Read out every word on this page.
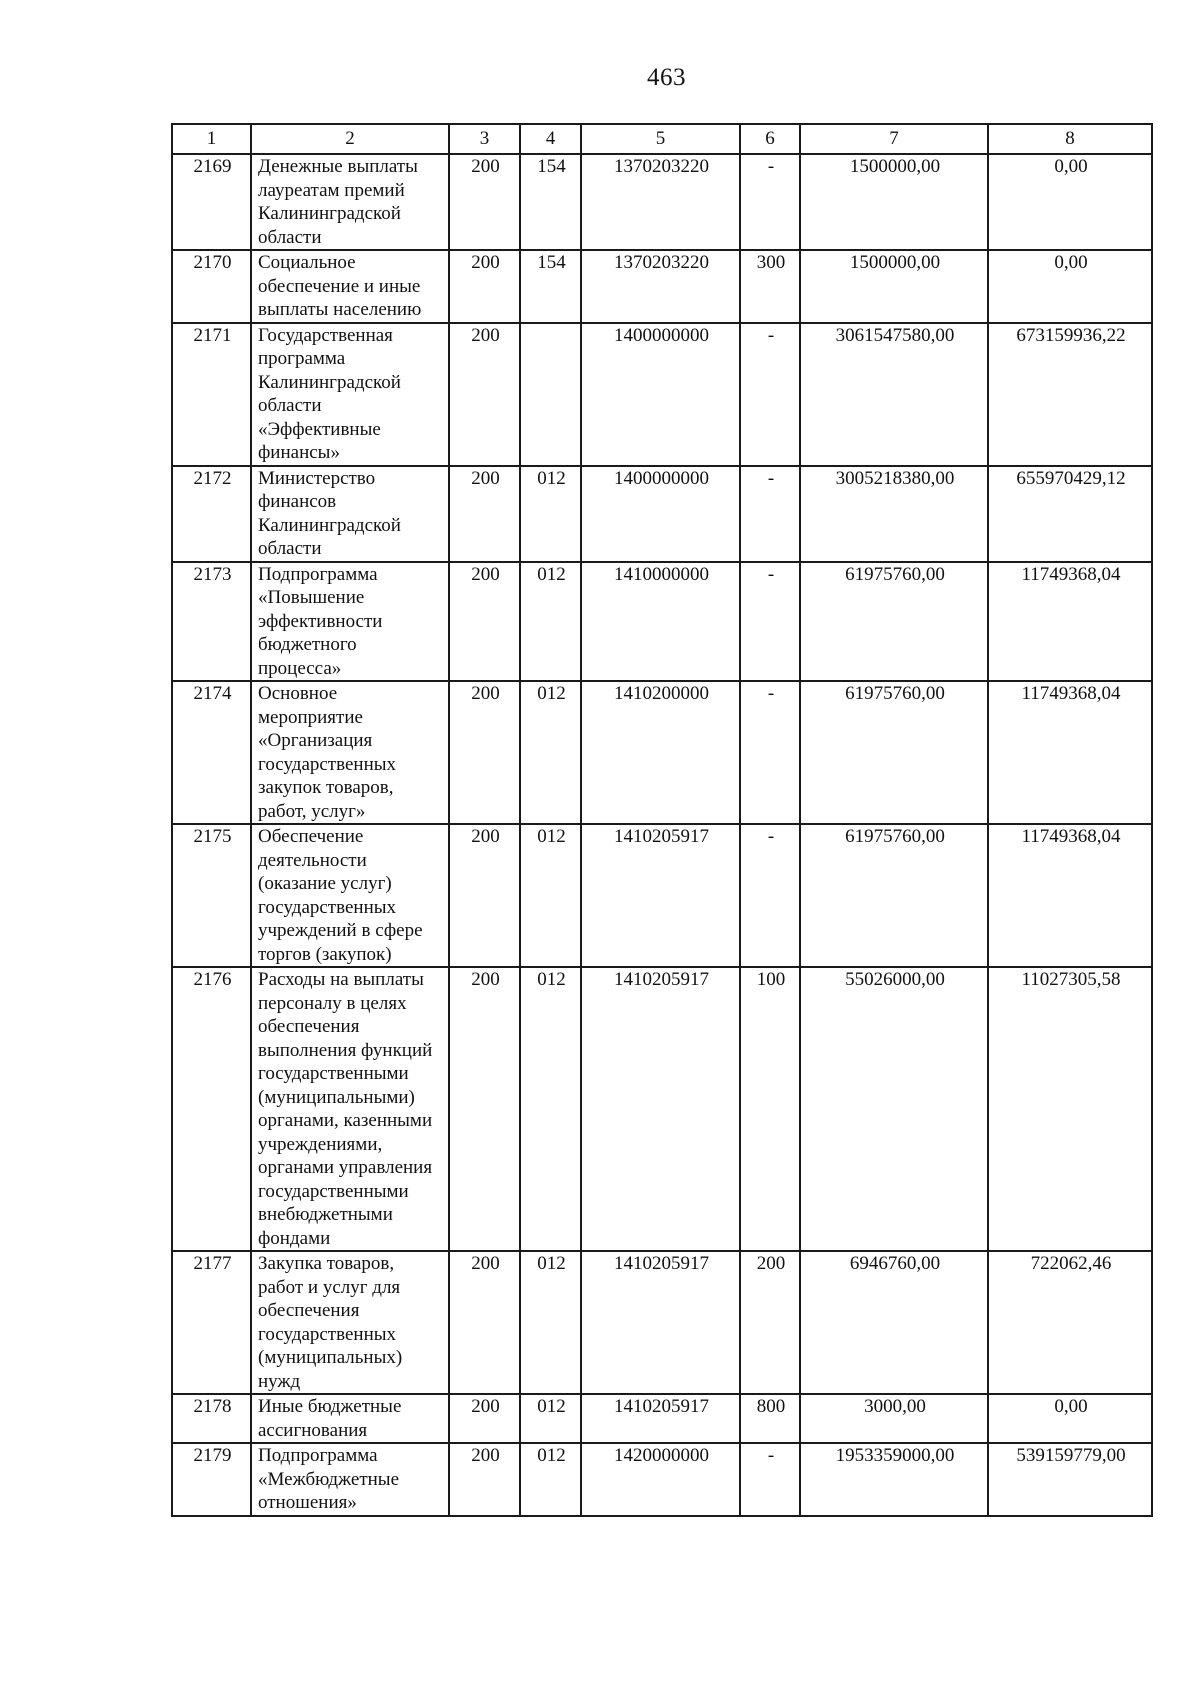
463
1	2	3	4	5	6	7	8
2169	Денежные выплаты лауреатам премий Калининградской области	200	154	1370203220	-	1500000,00	0,00
2170	Социальное обеспечение и иные выплаты населению	200	154	1370203220	300	1500000,00	0,00
2171	Государственная программа Калининградской области «Эффективные финансы»	200		1400000000	-	3061547580,00	673159936,22
2172	Министерство финансов Калининградской области	200	012	1400000000	-	3005218380,00	655970429,12
2173	Подпрограмма «Повышение эффективности бюджетного процесса»	200	012	1410000000	-	61975760,00	11749368,04
2174	Основное мероприятие «Организация государственных закупок товаров, работ, услуг»	200	012	1410200000	-	61975760,00	11749368,04
2175	Обеспечение деятельности (оказание услуг) государственных учреждений в сфере торгов (закупок)	200	012	1410205917	-	61975760,00	11749368,04
2176	Расходы на выплаты персоналу в целях обеспечения выполнения функций государственными (муниципальными) органами, казенными учреждениями, органами управления государственными внебюджетными фондами	200	012	1410205917	100	55026000,00	11027305,58
2177	Закупка товаров, работ и услуг для обеспечения государственных (муниципальных) нужд	200	012	1410205917	200	6946760,00	722062,46
2178	Иные бюджетные ассигнования	200	012	1410205917	800	3000,00	0,00
2179	Подпрограмма «Межбюджетные отношения»	200	012	1420000000	-	1953359000,00	539159779,00
